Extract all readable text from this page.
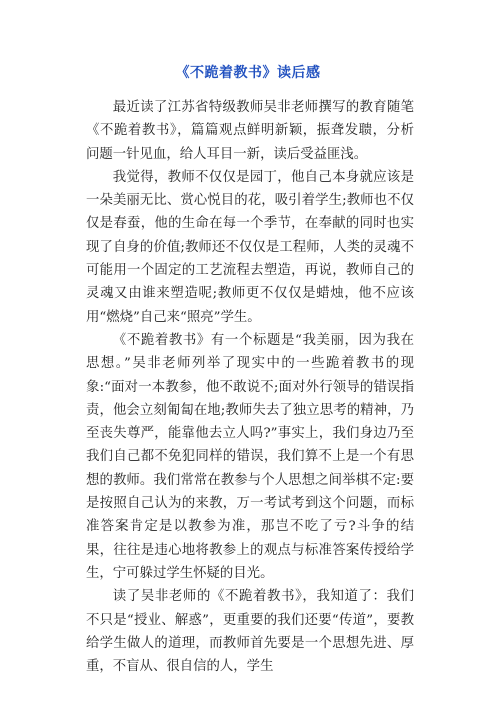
《不跪着教书》读后感

最近读了江苏省特级教师吴非老师撰写的教育随笔《不跪着教书》，篇篇观点鲜明新颖，振聋发聩，分析问题一针见血，给人耳目一新，读后受益匪浅。

我觉得，教师不仅仅是园丁，他自己本身就应该是一朵美丽无比、赏心悦目的花，吸引着学生;教师也不仅仅是春蚕，他的生命在每一个季节，在奉献的同时也实现了自身的价值;教师还不仅仅是工程师，人类的灵魂不可能用一个固定的工艺流程去塑造，再说，教师自己的灵魂又由谁来塑造呢;教师更不仅仅是蜡烛，他不应该用“燃烧”自己来“照亮”学生。

《不跪着教书》有一个标题是“我美丽，因为我在思想。”吴非老师列举了现实中的一些跪着教书的现象:“面对一本教参，他不敢说不;面对外行领导的错误指责，他会立刻匍匐在地;教师失去了独立思考的精神，乃至丧失尊严，能靠他去立人吗?”事实上，我们身边乃至我们自己都不免犯同样的错误，我们算不上是一个有思想的教师。我们常常在教参与个人思想之间举棋不定:要是按照自己认为的来教，万一考试考到这个问题，而标准答案肯定是以教参为准，那岂不吃了亏?斗争的结果，往往是违心地将教参上的观点与标准答案传授给学生，宁可躲过学生怀疑的目光。

读了吴非老师的《不跪着教书》，我知道了：我们不只是“授业、解惑”，更重要的我们还要“传道”，要教给学生做人的道理，而教师首先要是一个思想先进、厚重，不盲从、很自信的人，学生
